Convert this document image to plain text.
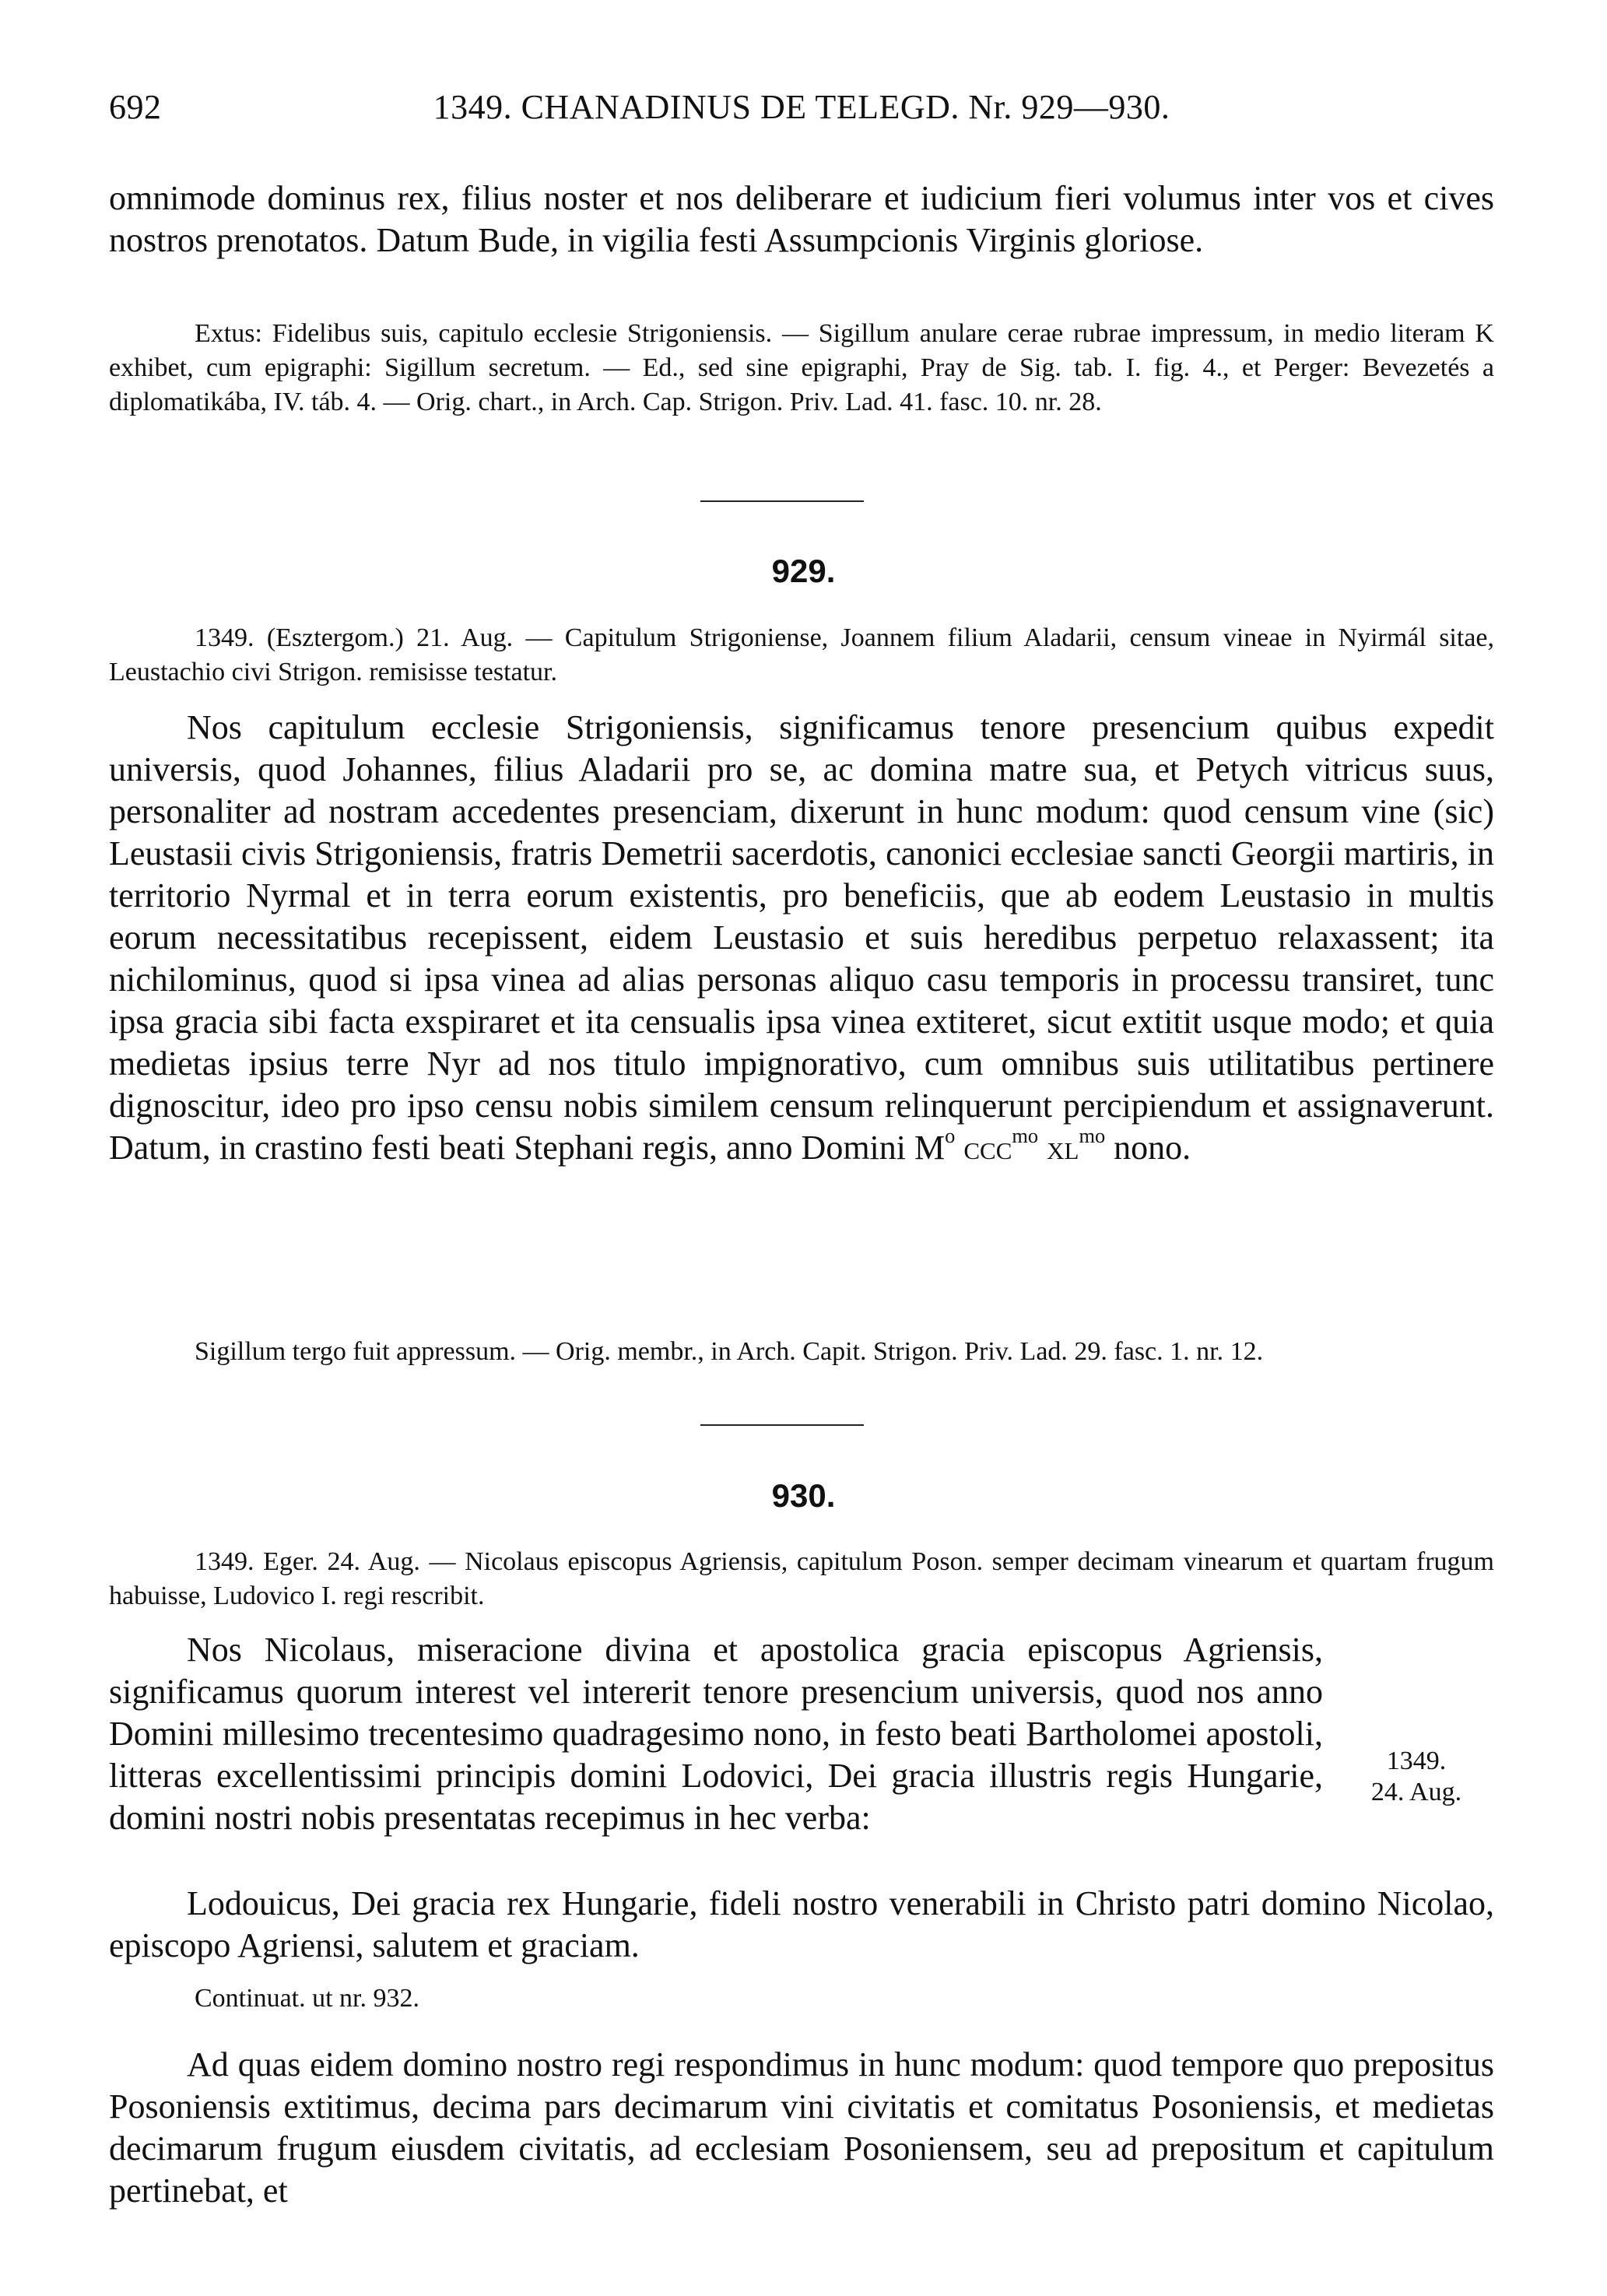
692	1349. CHANADINUS DE TELEGD. Nr. 929—930.
omnimode dominus rex, filius noster et nos deliberare et iudicium fieri volumus inter vos et cives nostros prenotatos. Datum Bude, in vigilia festi Assumpcionis Virginis gloriose.
Extus: Fidelibus suis, capitulo ecclesie Strigoniensis. — Sigillum anulare cerae rubrae impressum, in medio literam K exhibet, cum epigraphi: Sigillum secretum. — Ed., sed sine epigraphi, Pray de Sig. tab. I. fig. 4., et Perger: Bevezetés a diplomatikába, IV. táb. 4. — Orig. chart., in Arch. Cap. Strigon. Priv. Lad. 41. fasc. 10. nr. 28.
929.
1349. (Esztergom.) 21. Aug. — Capitulum Strigoniense, Joannem filium Aladarii, censum vineae in Nyirmál sitae, Leustachio civi Strigon. remisisse testatur.
Nos capitulum ecclesie Strigoniensis, significamus tenore presencium quibus expedit universis, quod Johannes, filius Aladarii pro se, ac domina matre sua, et Petych vitricus suus, personaliter ad nostram accedentes presenciam, dixerunt in hunc modum: quod censum vine (sic) Leustasii civis Strigoniensis, fratris Demetrii sacerdotis, canonici ecclesiae sancti Georgii martiris, in territorio Nyrmal et in terra eorum existentis, pro beneficiis, que ab eodem Leustasio in multis eorum necessitatibus recepissent, eidem Leustasio et suis heredibus perpetuo relaxassent; ita nichilominus, quod si ipsa vinea ad alias personas aliquo casu temporis in processu transiret, tunc ipsa gracia sibi facta exspiraret et ita censualis ipsa vinea extiteret, sicut extitit usque modo; et quia medietas ipsius terre Nyr ad nos titulo impignorativo, cum omnibus suis utilitatibus pertinere dignoscitur, ideo pro ipso censu nobis similem censum relinquerunt percipiendum et assignaverunt. Datum, in crastino festi beati Stephani regis, anno Domini $M^o$ ccc$^{mo}$ $xl^{mo}$ nono.
Sigillum tergo fuit appressum. — Orig. membr., in Arch. Capit. Strigon. Priv. Lad. 29. fasc. 1. nr. 12.
930.
1349. Eger. 24. Aug. — Nicolaus episcopus Agriensis, capitulum Poson. semper decimam vinearum et quartam frugum habuisse, Ludovico I. regi rescribit.
Nos Nicolaus, miseracione divina et apostolica gracia episcopus Agriensis, significamus quorum interest vel intererit tenore presencium universis, quod nos anno Domini millesimo trecentesimo quadragesimo nono, in festo beati Bartholomei apostoli, litteras excellentissimi principis domini Lodovici, Dei gracia illustris regis Hungarie, domini nostri nobis presentatas recepimus in hec verba:
1349.
24. Aug.
Lodouicus, Dei gracia rex Hungarie, fideli nostro venerabili in Christo patri domino Nicolao, episcopo Agriensi, salutem et graciam.
Continuat. ut nr. 932.
Ad quas eidem domino nostro regi respondimus in hunc modum: quod tempore quo prepositus Posoniensis extitimus, decima pars decimarum vini civitatis et comitatus Posoniensis, et medietas decimarum frugum eiusdem civitatis, ad ecclesiam Posoniensem, seu ad prepositum et capitulum pertinebat, et
